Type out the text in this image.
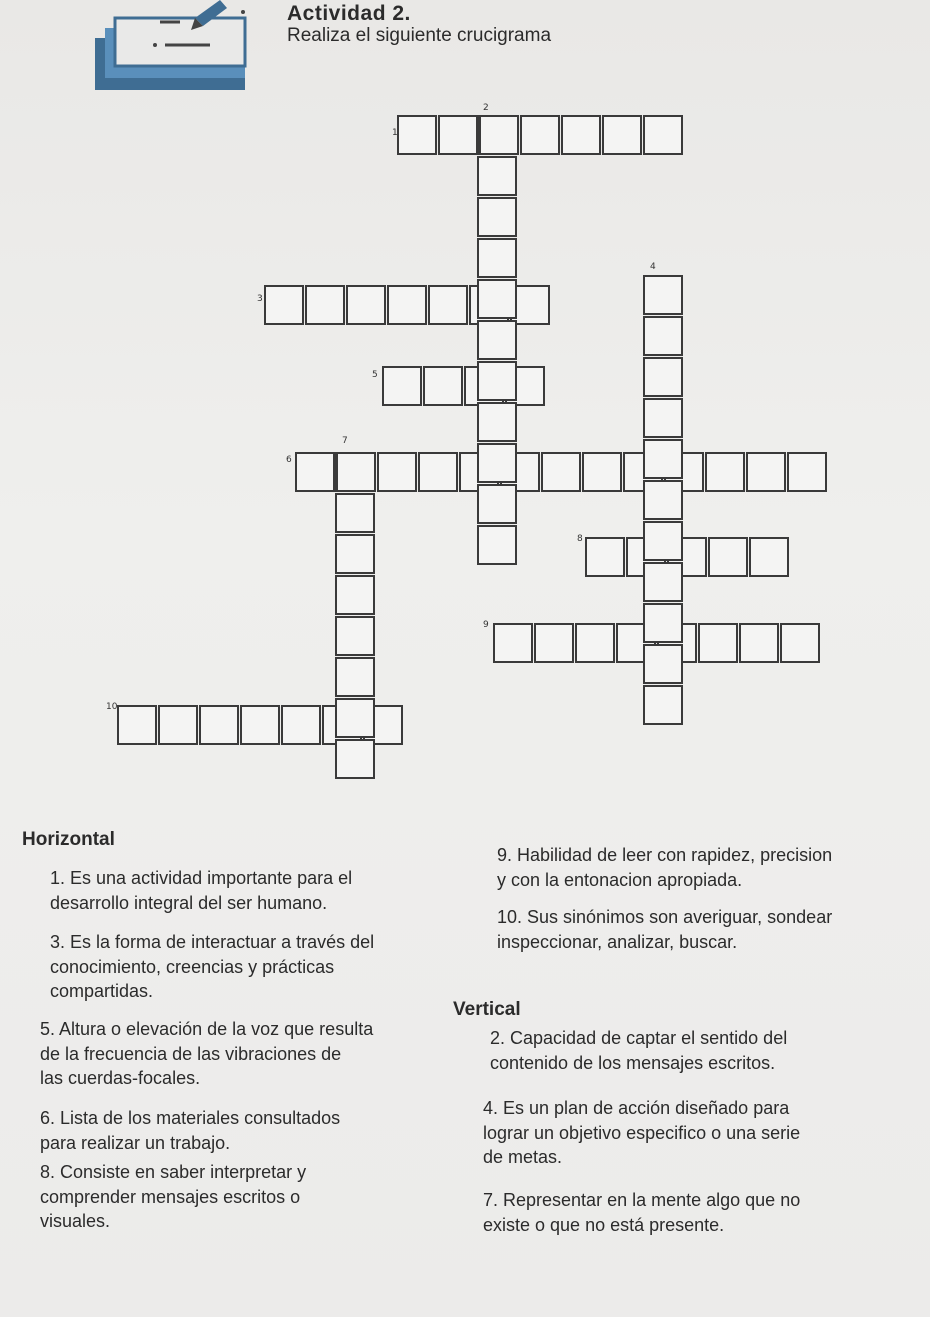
Actividad 2.
Realiza el siguiente crucigrama
1
2
3
4
5
6
7
8
9
10
Horizontal
Vertical
1. Es una actividad importante para el
desarrollo integral del ser humano.
3. Es la forma de interactuar a través del
conocimiento, creencias y prácticas
compartidas.
5. Altura o elevación de la voz que resulta
de la frecuencia de las vibraciones de
las cuerdas-focales.
6. Lista de los materiales consultados
para realizar un trabajo.
8. Consiste en saber interpretar y
comprender mensajes escritos o
visuales.
9. Habilidad de leer con rapidez, precision
y con la entonacion apropiada.
10. Sus sinónimos son averiguar, sondear
inspeccionar, analizar, buscar.
2. Capacidad de captar el sentido del
contenido de los mensajes escritos.
4. Es un plan de acción diseñado para
lograr un objetivo especifico o una serie
de metas.
7. Representar en la mente algo que no
existe o que no está presente.
